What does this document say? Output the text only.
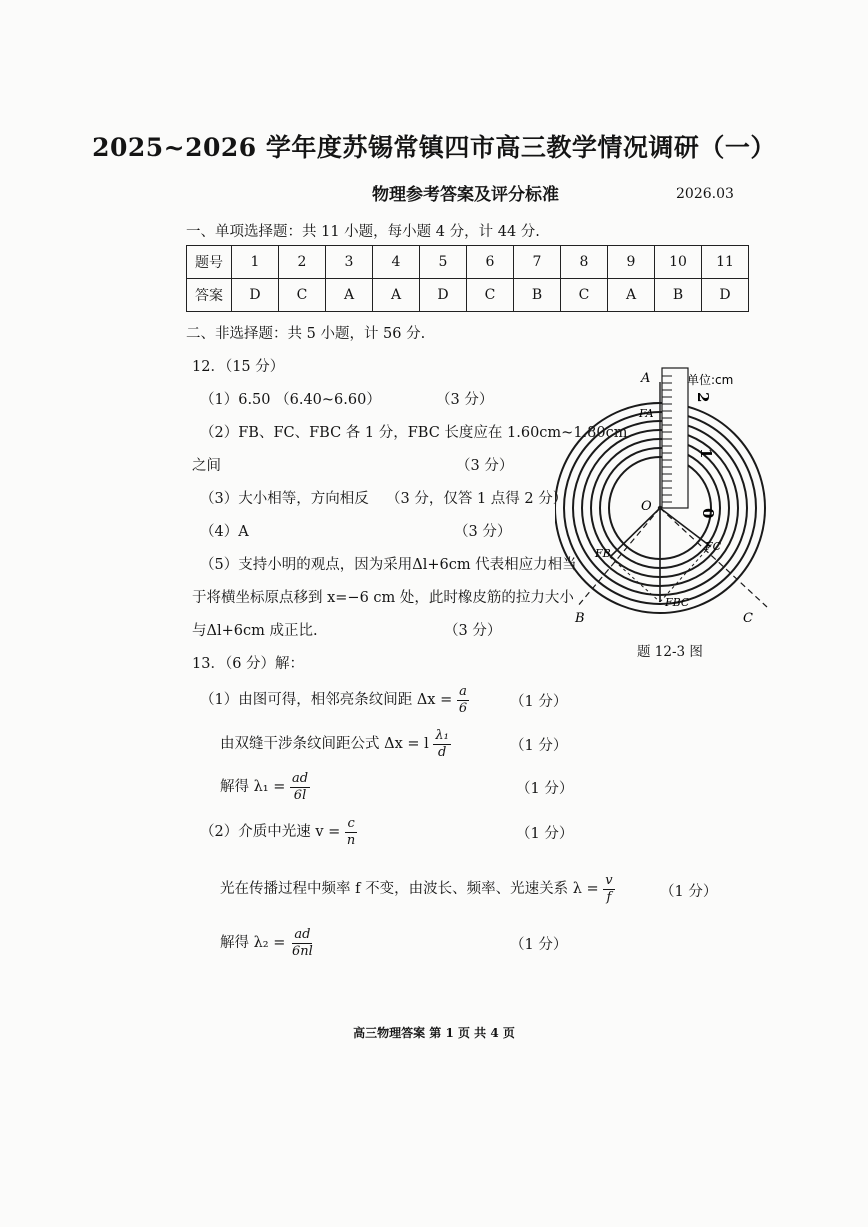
2025~2026 学年度苏锡常镇四市高三教学情况调研（一）
物理参考答案及评分标准	2026.03
一、单项选择题：共 11 小题，每小题 4 分，计 44 分.
题号	1	2	3	4	5	6	7	8	9	10	11
答案	D	C	A	A	D	C	B	C	A	B	D
二、非选择题：共 5 小题，计 56 分.
12．（15 分）
（1）6.50 （6.40~6.60）	（3 分）
（2）FB、FC、FBC 各 1 分，FBC 长度应在 1.60cm~1.80cm
之间	（3 分）
（3）大小相等，方向相反 （3 分，仅答 1 点得 2 分）
（4）A	（3 分）
（5）支持小明的观点，因为采用Δl+6cm 代表相应力相当
于将横坐标原点移到 x=−6 cm 处，此时橡皮筋的拉力大小
与Δl+6cm 成正比.	（3 分）
单位:cm
A
O
B	C
FA
FB
FC
FBC
0
1
2
题 12-3 图
13．（6 分）解：
（1）由图可得，相邻亮条纹间距 $\Delta x = \frac{a}{6}$	（1 分）
由双缝干涉条纹间距公式 Δx = l $\frac{\text{λ₁}}{d}$	（1 分）
解得 $\lambda_1 = \frac{ad}{6l}$	（1 分）
（2）介质中光速 $v = \frac{c}{n}$	（1 分）
光在传播过程中频率 f 不变，由波长、频率、光速关系 $\lambda = \frac{v}{f}$	（1 分）
解得 $\lambda_2 = \frac{ad}{6nl}$	（1 分）
高三物理答案 第 1 页 共 4 页
